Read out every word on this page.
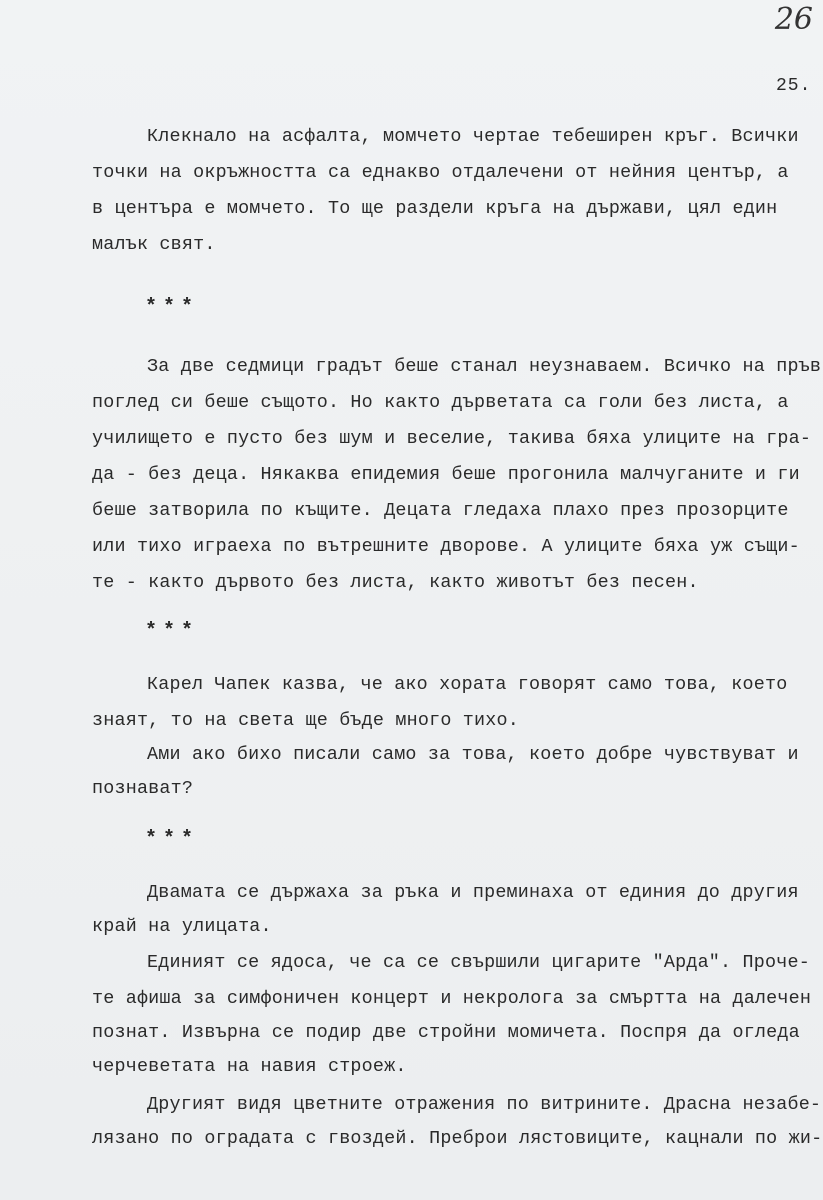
26
25.
Клекнало на асфалта, момчето чертае тебеширен кръг. Всички
точки на окръжността са еднакво отдалечени от нейния център, а
в центъра е момчето. То ще раздели кръга на държави, цял един
малък свят.
***
За две седмици градът беше станал неузнаваем. Всичко на пръв
поглед си беше същото. Но както дърветата са голи без листа, а
училището е пусто без шум и веселие, такива бяха улиците на гра-
да - без деца. Някаква епидемия беше прогонила малчуганите и ги
беше затворила по къщите. Децата гледаха плахо през прозорците
или тихо играеха по вътрешните дворове. А улиците бяха уж същи-
те - както дървото без листа, както животът без песен.
***
Карел Чапек казва, че ако хората говорят само това, което
знаят, то на света ще бъде много тихо.
Ами ако бихо писали само за това, което добре чувствуват и
познават?
***
Двамата се държаха за ръка и преминаха от единия до другия
край на улицата.
Единият се ядоса, че са се свършили цигарите "Арда". Проче-
те афиша за симфоничен концерт и некролога за смъртта на далечен
познат. Извърна се подир две стройни момичета. Поспря да огледа
черчеветата на навия строеж.
Другият видя цветните отражения по витрините. Драсна незабе-
лязано по оградата с гвоздей. Преброи лястовиците, кацнали по жи-
